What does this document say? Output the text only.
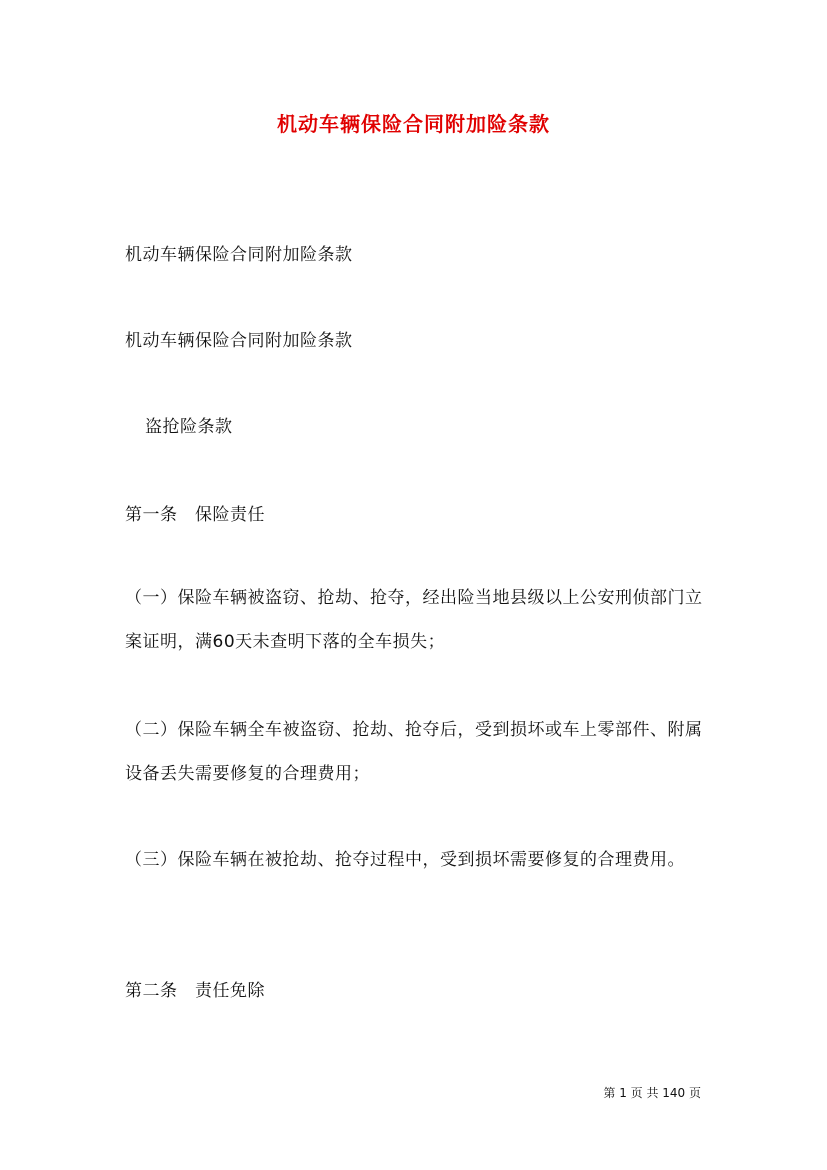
机动车辆保险合同附加险条款
机动车辆保险合同附加险条款
机动车辆保险合同附加险条款
盗抢险条款
第一条　保险责任
（一）保险车辆被盗窃、抢劫、抢夺，经出险当地县级以上公安刑侦部门立案证明，满60天未查明下落的全车损失；
（二）保险车辆全车被盗窃、抢劫、抢夺后，受到损坏或车上零部件、附属设备丢失需要修复的合理费用；
（三）保险车辆在被抢劫、抢夺过程中，受到损坏需要修复的合理费用。
第二条　责任免除
第 1 页 共 140 页
